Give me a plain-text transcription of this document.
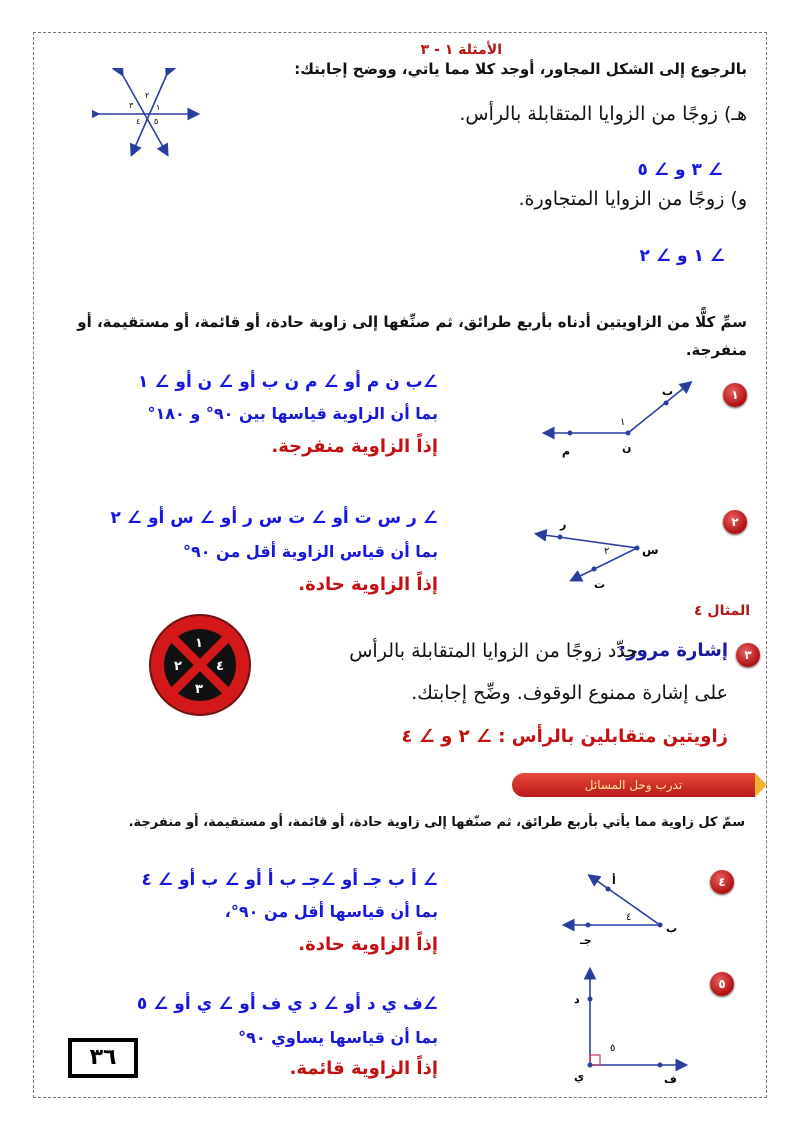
الأمثلة ١ - ٣
بالرجوع إلى الشكل المجاور، أوجد كلا مما ياتي، ووضح إجابتك:
٢
١
٣
٤ ٥	هـ) زوجًا من الزوايا المتقابلة بالرأس.
∠ ٣ و ∠ ٥
و) زوجًا من الزوايا المتجاورة.
∠ ١ و ∠ ٢
سمِّ كلًّا من الزاويتين أدناه بأربع طرائق، ثم صنِّفها إلى زاوية حادة، أو قائمة، أو مستقيمة، أو
منفرجة.
١
ب
ن
م
١
∠ب ن م أو ∠ م ن ب أو ∠ ن أو ∠ ١
بما أن الزاوية قياسها بين ٩٠° و ١٨٠°
إذاً الزاوية منفرجة.
٢
ر
س
ت
٢
∠ ر س ت أو ∠ ت س ر أو ∠ س أو ∠ ٢
بما أن قياس الزاوية أقل من ٩٠°
إذاً الزاوية حادة.
المثال ٤
٣
إشارة مرور:
حدِّد زوجًا من الزوايا المتقابلة بالرأس
على إشارة ممنوع الوقوف. وضِّح إجابتك.
زاويتين متقابلين بالرأس : ∠ ٢ و ∠ ٤
١
٢	٤
٣
تدرب وحل المسائل
سمّ كل زاوية مما يأتي بأربع طرائق، ثم صنّفها إلى زاوية حادة، أو قائمة، أو مستقيمة، أو منفرجة.
٤
أ
ب
جـ
٤
∠ أ ب جـ أو ∠جـ ب أ أو ∠ ب أو ∠ ٤
بما أن قياسها أقل من ٩٠°،
إذاً الزاوية حادة.
٥
د
ي	ف
٥
∠ف ي د أو ∠ د ي ف أو ∠ ي أو ∠ ٥
بما أن قياسها يساوي ٩٠°
إذاً الزاوية قائمة.
٣٦
